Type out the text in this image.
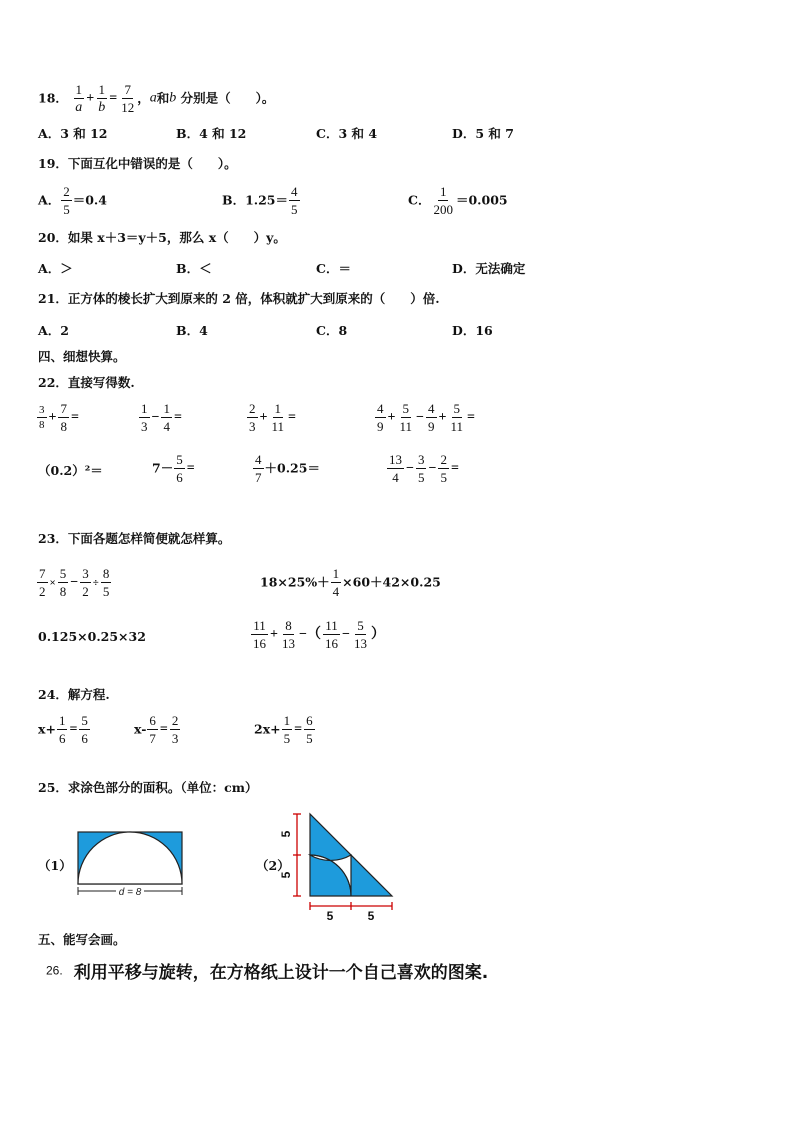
18． $\frac{1}{a} + \frac{1}{b} = \frac{7}{12}$ ，a和b 分别是（　　）。
A．3 和 12	B．4 和 12	C．3 和 4	D．5 和 7
19．下面互化中错误的是（　　）。
A． $\frac{2}{5} =0.4$	B．$1.25= \frac{4}{5}$	C． $\frac{1}{200} =0.005$
20．如果 x＋3＝y＋5，那么 x（　　）y。
A．＞	B．＜	C．＝	D．无法确定
21．正方体的棱长扩大到原来的 2 倍，体积就扩大到原来的（　　）倍.
A．2	B．4	C．8	D．16
四、细想快算。
22．直接写得数.
$\frac{3}{8} + \frac{7}{8}$ =	$\frac{1}{3} - \frac{1}{4}$ =	$\frac{2}{3} + \frac{1}{11}$ =	$\frac{4}{9} + \frac{5}{11} - \frac{4}{9} + \frac{5}{11}$ =
（0.2）²＝	$7- \frac{5}{6}$ =	$\frac{4}{7} +0.25=$	$\frac{13}{4} - \frac{3}{5} - \frac{2}{5}$ =
23．下面各题怎样简便就怎样算。
$\frac{7}{2} \times \frac{5}{8} - \frac{3}{2} \div \frac{8}{5}$	$18\times 25\%+ \frac{1}{4} \times 60+42\times 0.25$
0.125×0.25×32	$\frac{11}{16} + \frac{8}{13}$ −（ $\frac{11}{16} - \frac{5}{13}$ ）
24．解方程.
$x+ \frac{1}{6} = \frac{5}{6}$	$x- \frac{6}{7} = \frac{2}{3}$	$2x+ \frac{1}{5} = \frac{6}{5}$
25．求涂色部分的面积。（单位：cm）
（1）	（2）
d = 8
5	5
5
5
五、能写会画。
26. 利用平移与旋转，在方格纸上设计一个自己喜欢的图案.
